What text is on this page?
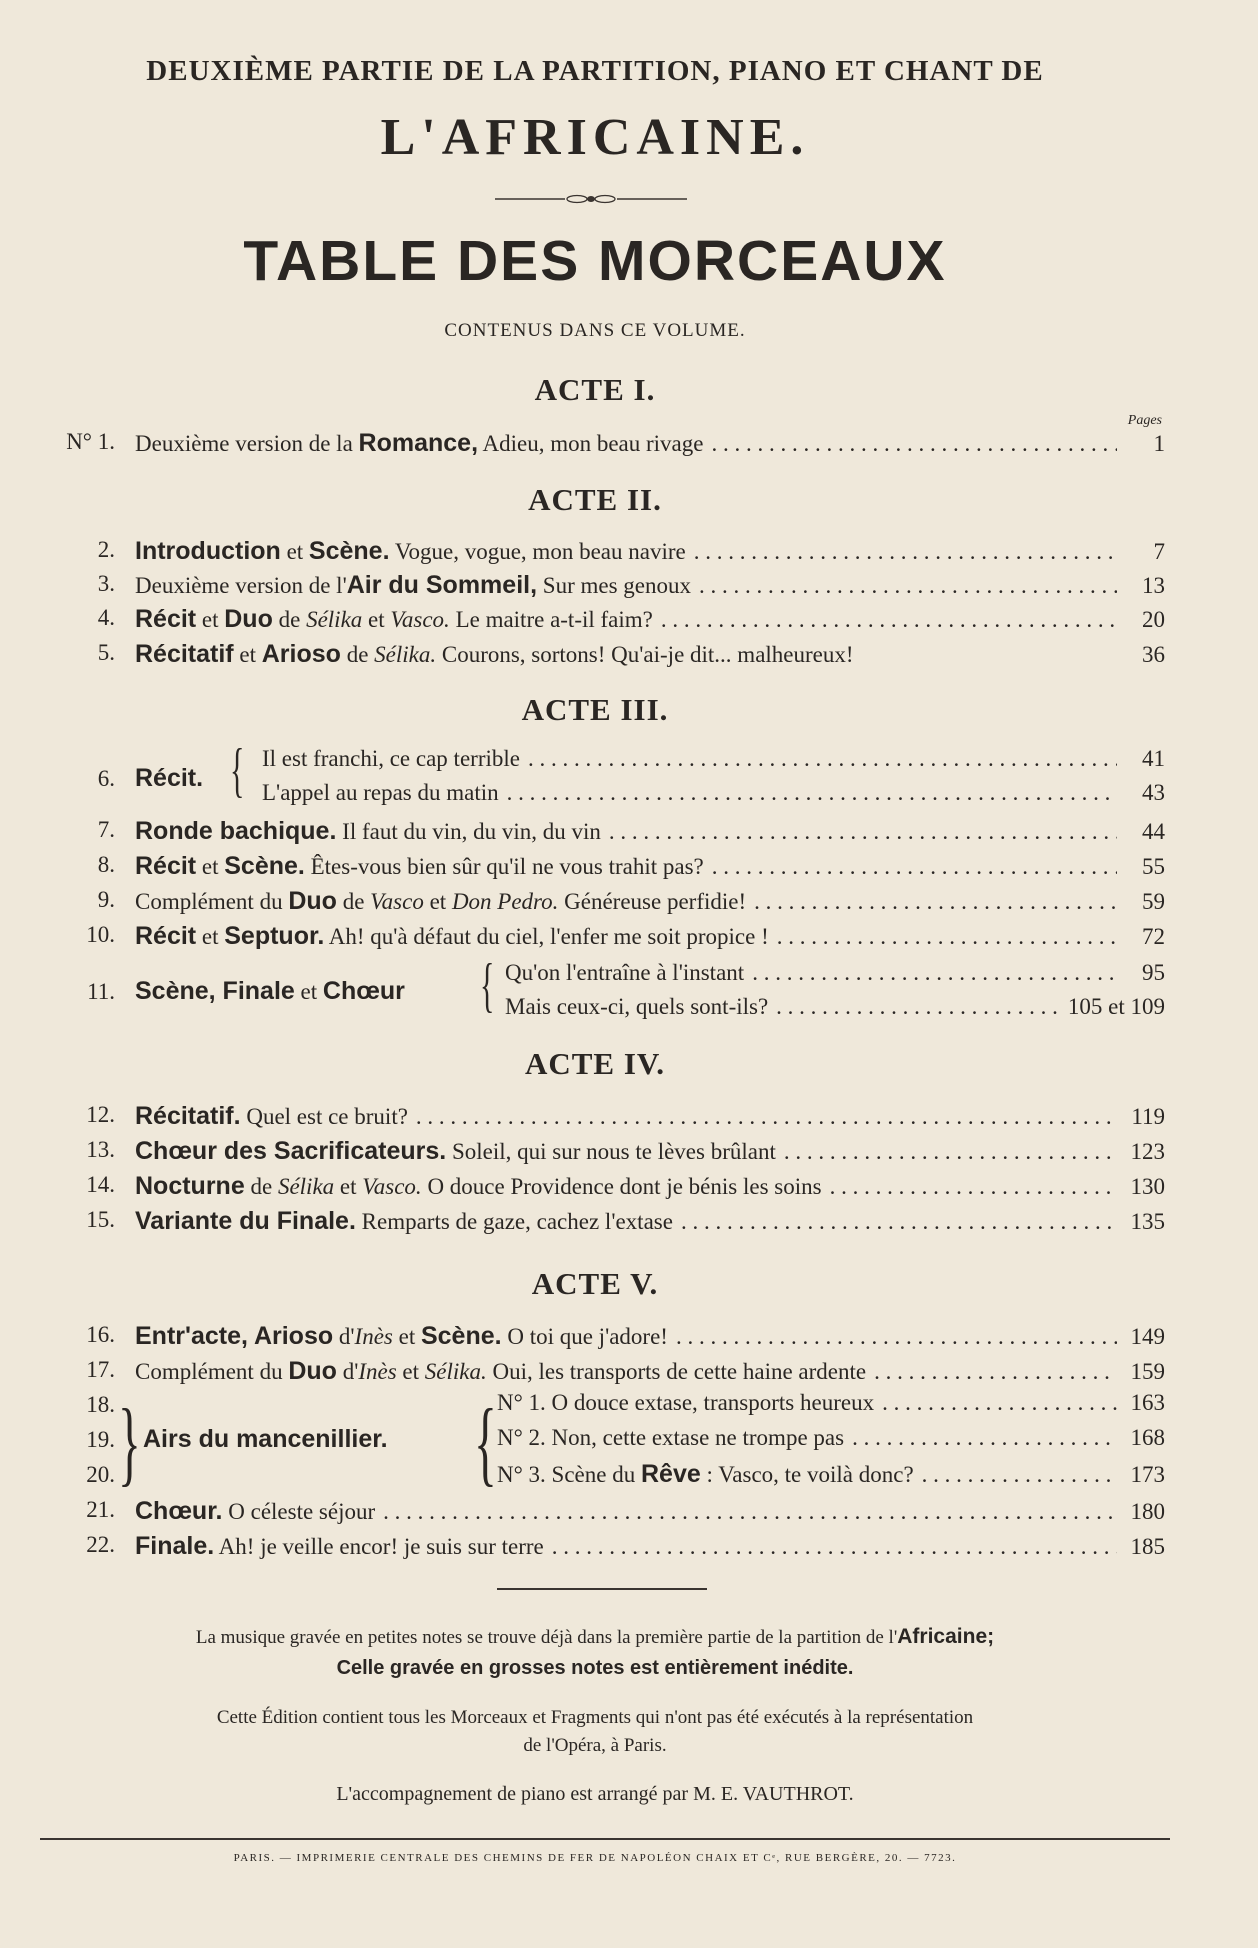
DEUXIÈME PARTIE DE LA PARTITION, PIANO ET CHANT DE
L'AFRICAINE.
TABLE DES MORCEAUX
CONTENUS DANS CE VOLUME.
ACTE I.
Pages
N° 1. Deuxième version de la Romance, Adieu, mon beau rivage . . .	1
ACTE II.
2. Introduction et Scène. Vogue, vogue, mon beau navire . . .	7
3. Deuxième version de l'Air du Sommeil, Sur mes genoux . . .	13
4. Récit et Duo de Sélika et Vasco. Le maitre a-t-il faim? . . .	20
5. Récitatif et Arioso de Sélika. Courons, sortons! Qu'ai-je dit... malheureux!	36
ACTE III.
6. Récit. { Il est franchi, ce cap terrible . . .	41
L'appel au repas du matin . . .	43
7. Ronde bachique. Il faut du vin, du vin, du vin . . .	44
8. Récit et Scène. Êtes-vous bien sûr qu'il ne vous trahit pas? . . .	55
9. Complément du Duo de Vasco et Don Pedro. Généreuse perfidie! . . .	59
10. Récit et Septuor. Ah! qu'à défaut du ciel, l'enfer me soit propice ! . . .	72
11. Scène, Finale et Chœur { Qu'on l'entraîne à l'instant . . .	95
Mais ceux-ci, quels sont-ils? . . .	105 et 109
ACTE IV.
12. Récitatif. Quel est ce bruit? . . .	119
13. Chœur des Sacrificateurs. Soleil, qui sur nous te lèves brûlant . . .	123
14. Nocturne de Sélika et Vasco. O douce Providence dont je bénis les soins . . .	130
15. Variante du Finale. Remparts de gaze, cachez l'extase . . .	135
ACTE V.
16. Entr'acte, Arioso d'Inès et Scène. O toi que j'adore! . . .	149
17. Complément du Duo d'Inès et Sélika. Oui, les transports de cette haine ardente . . .	159
18.
19.
20. } Airs du mancenillier. { N° 1. O douce extase, transports heureux . . .	163
N° 2. Non, cette extase ne trompe pas . . .	168
N° 3. Scène du Rêve : Vasco, te voilà donc? . . .	173
21. Chœur. O céleste séjour . . .	180
22. Finale. Ah! je veille encor! je suis sur terre . . .	185
La musique gravée en petites notes se trouve déjà dans la première partie de la partition de l'Africaine;
Celle gravée en grosses notes est entièrement inédite.
Cette Édition contient tous les Morceaux et Fragments qui n'ont pas été exécutés à la représentation
de l'Opéra, à Paris.
L'accompagnement de piano est arrangé par M. E. VAUTHROT.
PARIS. — IMPRIMERIE CENTRALE DES CHEMINS DE FER DE NAPOLÉON CHAIX ET Cᵉ, RUE BERGÈRE, 20. — 7723.
